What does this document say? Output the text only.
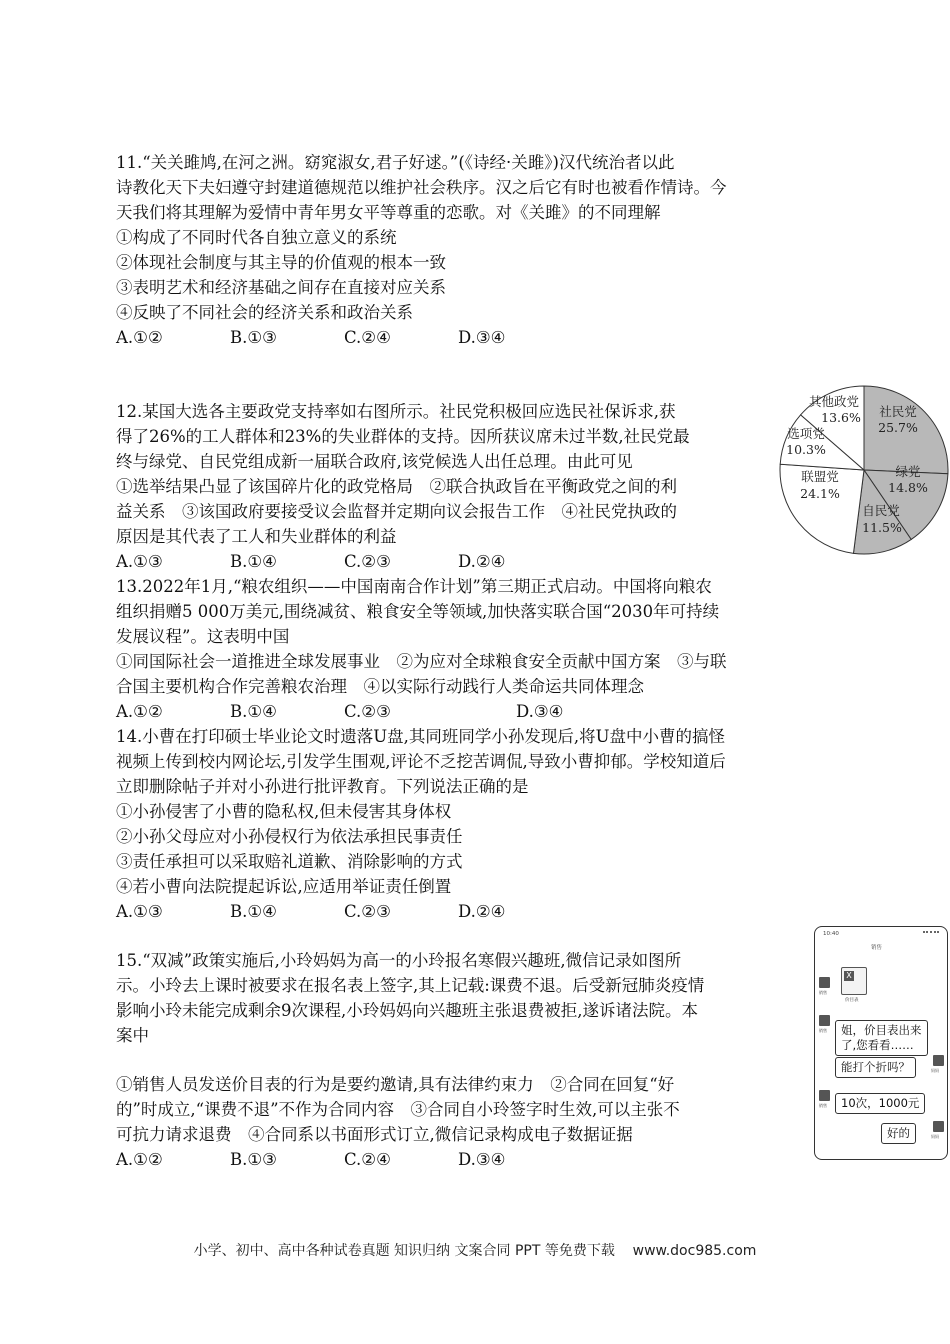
11.“关关雎鸠,在河之洲。窈窕淑女,君子好逑。”(《诗经·关雎》)汉代统治者以此
诗教化天下夫妇遵守封建道德规范以维护社会秩序。汉之后它有时也被看作情诗。今
天我们将其理解为爱情中青年男女平等尊重的恋歌。对《关雎》的不同理解
①构成了不同时代各自独立意义的系统
②体现社会制度与其主导的价值观的根本一致
③表明艺术和经济基础之间存在直接对应关系
④反映了不同社会的经济关系和政治关系
A.①②	B.①③	C.②④	D.③④
12.某国大选各主要政党支持率如右图所示。社民党积极回应选民社保诉求,获
得了26%的工人群体和23%的失业群体的支持。因所获议席未过半数,社民党最
终与绿党、自民党组成新一届联合政府,该党候选人出任总理。由此可见
①选举结果凸显了该国碎片化的政党格局　②联合执政旨在平衡政党之间的利
益关系　③该国政府要接受议会监督并定期向议会报告工作　④社民党执政的
原因是其代表了工人和失业群体的利益
A.①③	B.①④	C.②③	D.②④
社民党
25.7%
绿党
14.8%
自民党
11.5%
联盟党
24.1%
选项党
10.3%
其他政党
13.6%
13.2022年1月,“粮农组织——中国南南合作计划”第三期正式启动。中国将向粮农
组织捐赠5 000万美元,围绕减贫、粮食安全等领域,加快落实联合国“2030年可持续
发展议程”。这表明中国
①同国际社会一道推进全球发展事业　②为应对全球粮食安全贡献中国方案　③与联
合国主要机构合作完善粮农治理　④以实际行动践行人类命运共同体理念
A.①②	B.①④	C.②③	D.③④
14.小曹在打印硕士毕业论文时遗落U盘,其同班同学小孙发现后,将U盘中小曹的搞怪
视频上传到校内网论坛,引发学生围观,评论不乏挖苦调侃,导致小曹抑郁。学校知道后
立即删除帖子并对小孙进行批评教育。下列说法正确的是
①小孙侵害了小曹的隐私权,但未侵害其身体权
②小孙父母应对小孙侵权行为依法承担民事责任
③责任承担可以采取赔礼道歉、消除影响的方式
④若小曹向法院提起诉讼,应适用举证责任倒置
A.①③	B.①④	C.②③	D.②④
15.“双减”政策实施后,小玲妈妈为高一的小玲报名寒假兴趣班,微信记录如图所
示。小玲去上课时被要求在报名表上签字,其上记载:课费不退。后受新冠肺炎疫情
影响小玲未能完成剩余9次课程,小玲妈妈向兴趣班主张退费被拒,遂诉诸法院。本
案中
①销售人员发送价目表的行为是要约邀请,具有法律约束力　②合同在回复“好
的”时成立,“课费不退”不作为合同内容　③合同自小玲签字时生效,可以主张不
可抗力请求退费　④合同系以书面形式订立,微信记录构成电子数据证据
A.①②	B.①③	C.②④	D.③④
10:40
销售
销售
X
价目表
销售 姐，价目表出来
了,您看看……
能打个折吗？	妈妈
销售	10次，1000元
好的	妈妈
小学、初中、高中各种试卷真题 知识归纳 文案合同 PPT 等免费下载 www.doc985.com
